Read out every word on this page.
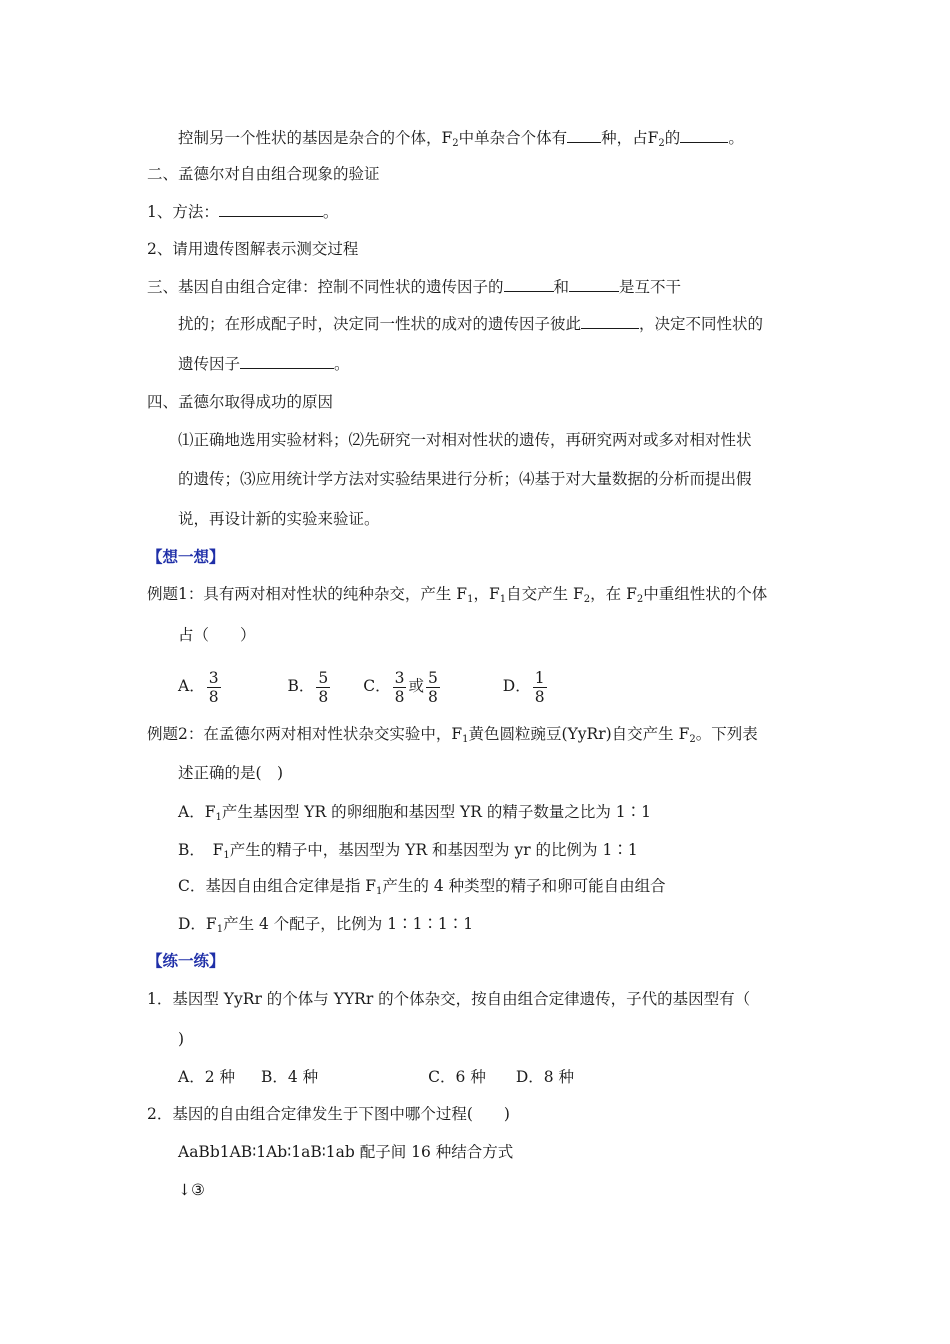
控制另一个性状的基因是杂合的个体，$F_2$中单杂合个体有 种，占$F_2$的	。
二、孟德尔对自由组合现象的验证
1、方法：	。
2、请用遗传图解表示测交过程
三、基因自由组合定律：控制不同性状的遗传因子的	和	是互不干
扰的；在形成配子时，决定同一性状的成对的遗传因子彼此	，决定不同性状的
遗传因子	。
四、孟德尔取得成功的原因
⑴正确地选用实验材料；⑵先研究一对相对性状的遗传，再研究两对或多对相对性状
的遗传；⑶应用统计学方法对实验结果进行分析；⑷基于对大量数据的分析而提出假
说，再设计新的实验来验证。
【想一想】
例题1：具有两对相对性状的纯种杂交，产生 $F_1$，$F_1$自交产生 $F_2$，在 $F_2$中重组性状的个体
占（　　）
A． $\frac{3}{8}$	B． $\frac{5}{8}$ C． $\frac{3}{8}$ 或 $\frac{5}{8}$	D． $\frac{1}{8}$
例题2：在孟德尔两对相对性状杂交实验中，$F_1$黄色圆粒豌豆(YyRr)自交产生 $F_2$。下列表
述正确的是(　)
A．$F_1$产生基因型 YR 的卵细胞和基因型 YR 的精子数量之比为 1∶1
B．　$F_1$产生的精子中，基因型为 YR 和基因型为 yr 的比例为 1∶1
C．基因自由组合定律是指 $F_1$产生的 4 种类型的精子和卵可能自由组合
D．$F_1$产生 4 个配子，比例为 1∶1∶1∶1
【练一练】
1．基因型 YyRr 的个体与 YYRr 的个体杂交，按自由组合定律遗传，子代的基因型有（
)
A．2 种 B．4 种	C．6 种 D．8 种
2．基因的自由组合定律发生于下图中哪个过程(　　)
AaBb1AB∶1Ab∶1aB∶1ab 配子间 16 种结合方式
↓③
